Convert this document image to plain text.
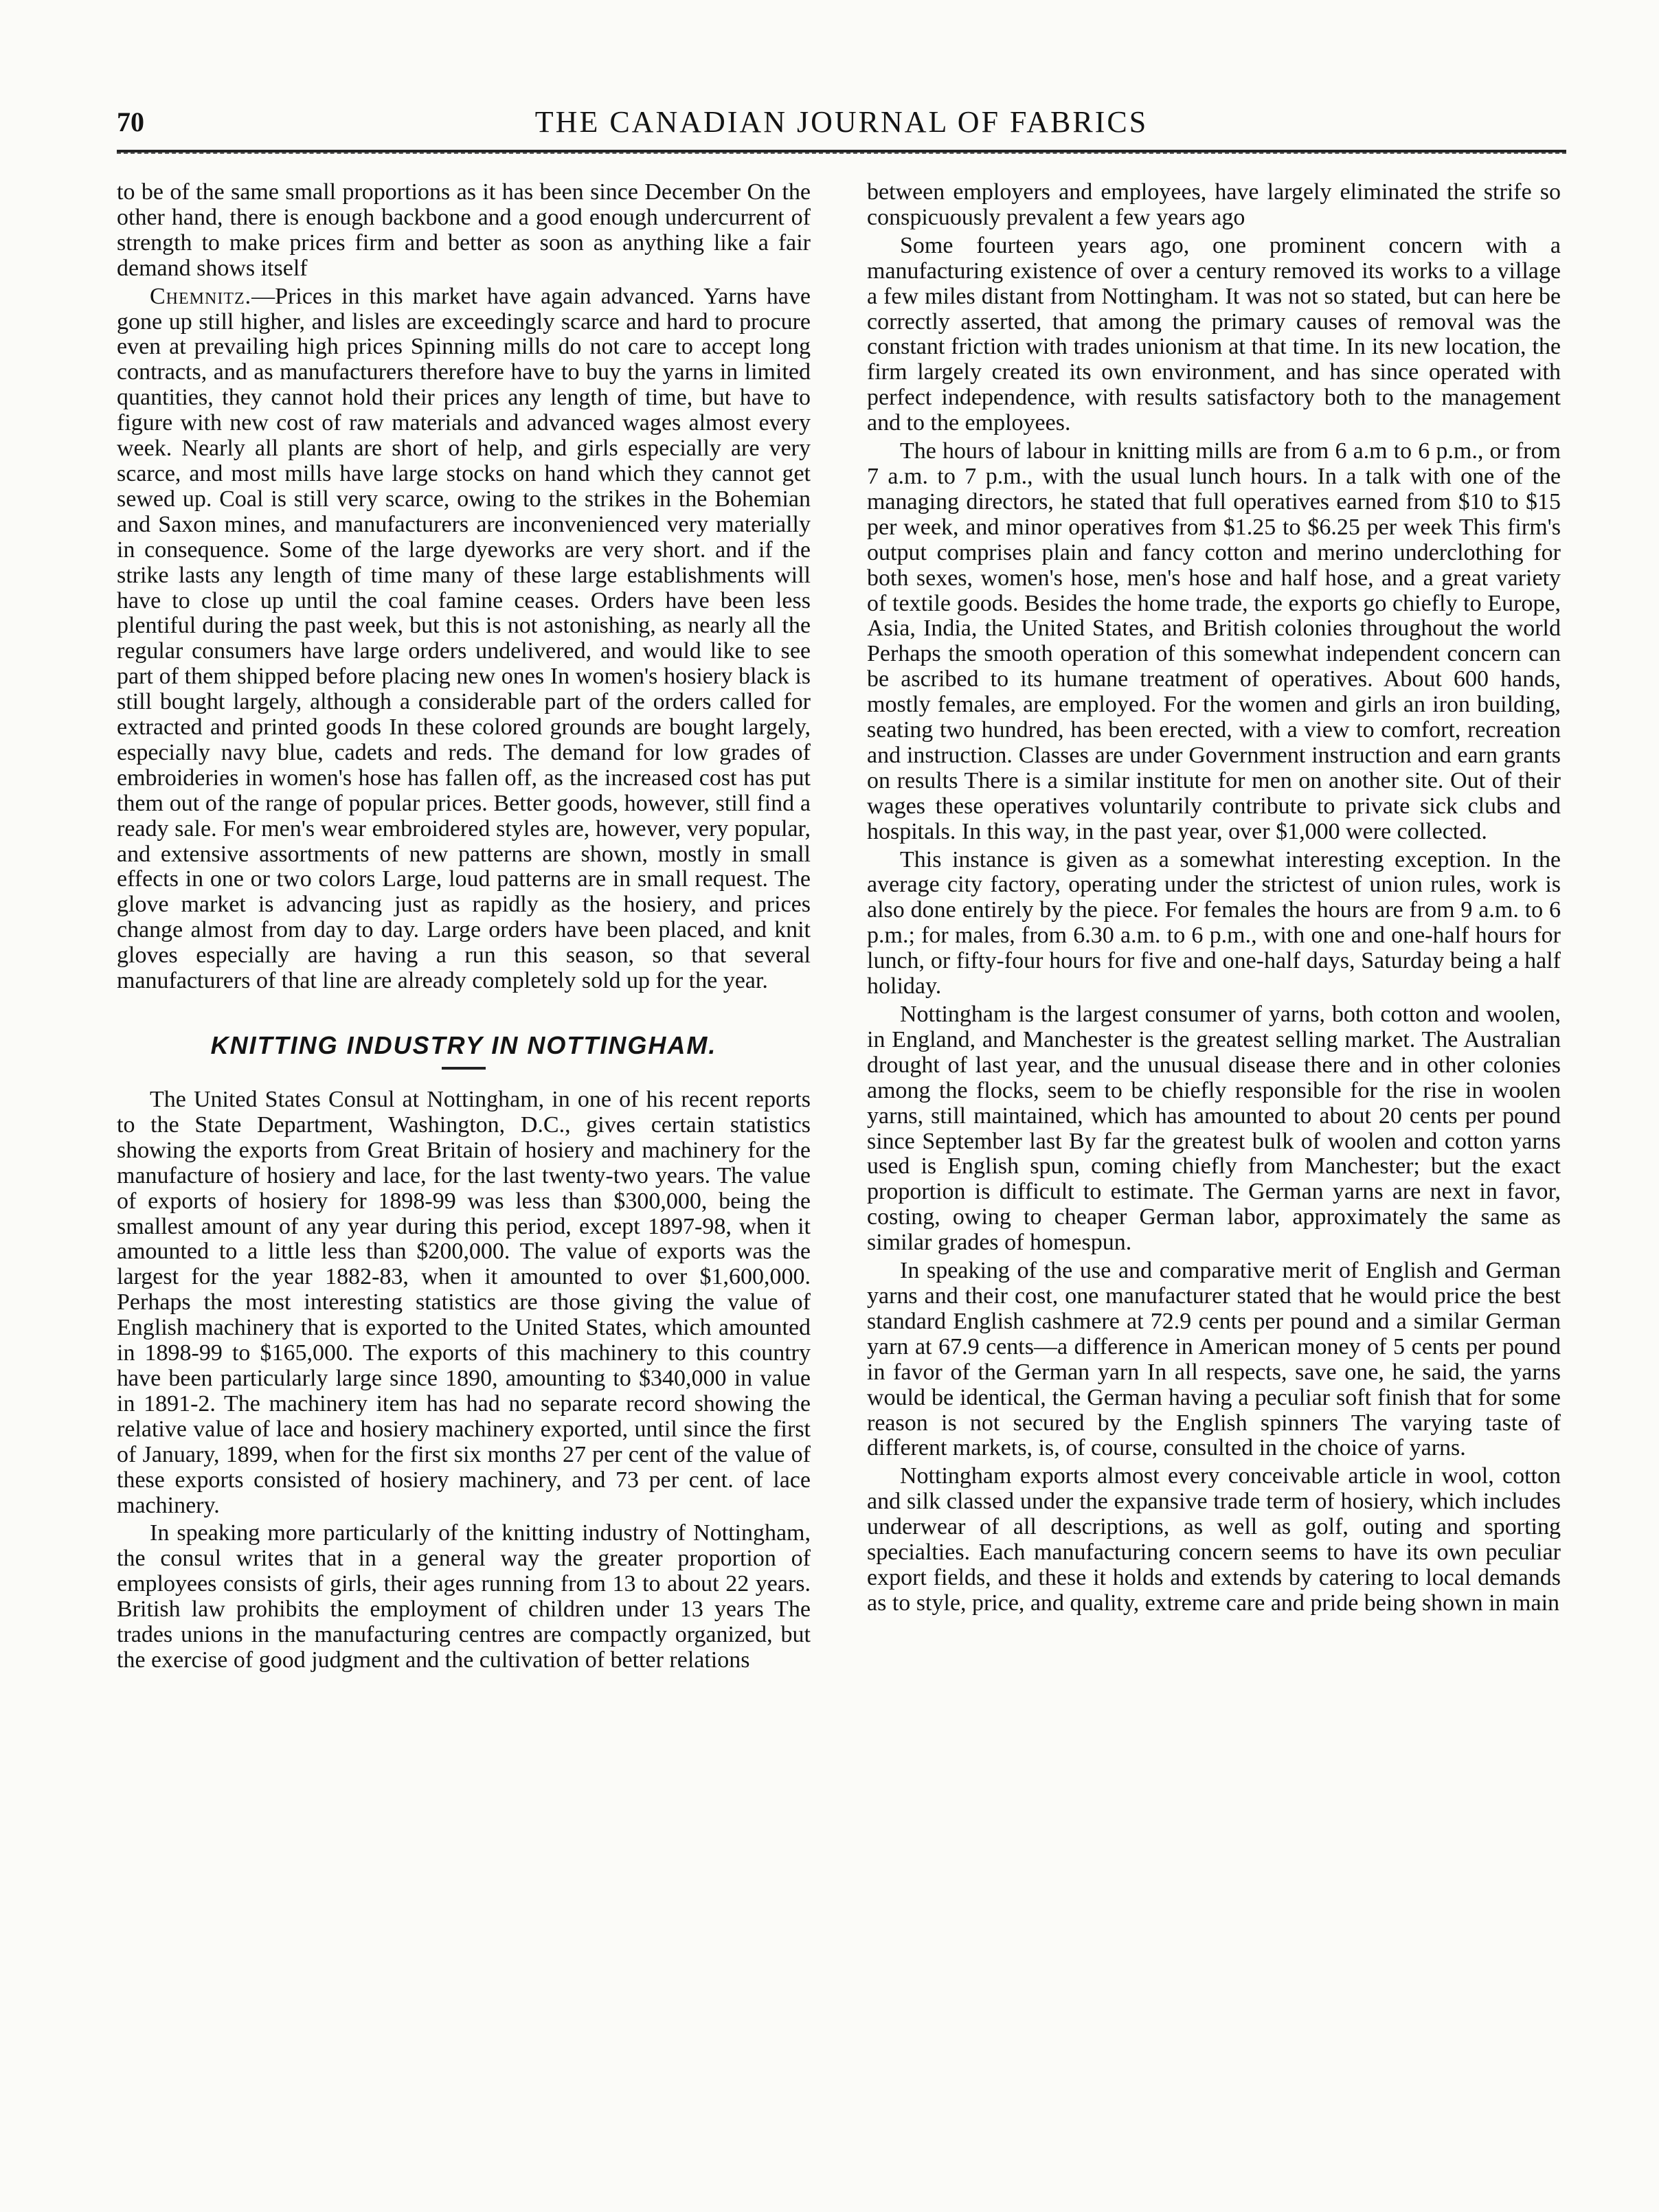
70	THE CANADIAN JOURNAL OF FABRICS

to be of the same small proportions as it has been since December On the other hand, there is enough backbone and a good enough undercurrent of strength to make prices firm and better as soon as anything like a fair demand shows itself

Chemnitz.—Prices in this market have again advanced. Yarns have gone up still higher, and lisles are exceedingly scarce and hard to procure even at prevailing high prices Spinning mills do not care to accept long contracts, and as manufacturers therefore have to buy the yarns in limited quantities, they cannot hold their prices any length of time, but have to figure with new cost of raw materials and advanced wages almost every week. Nearly all plants are short of help, and girls especially are very scarce, and most mills have large stocks on hand which they cannot get sewed up. Coal is still very scarce, owing to the strikes in the Bohemian and Saxon mines, and manufacturers are inconvenienced very materially in consequence. Some of the large dyeworks are very short. and if the strike lasts any length of time many of these large establishments will have to close up until the coal famine ceases. Orders have been less plentiful during the past week, but this is not astonishing, as nearly all the regular consumers have large orders undelivered, and would like to see part of them shipped before placing new ones In women's hosiery black is still bought largely, although a considerable part of the orders called for extracted and printed goods In these colored grounds are bought largely, especially navy blue, cadets and reds. The demand for low grades of embroideries in women's hose has fallen off, as the increased cost has put them out of the range of popular prices. Better goods, however, still find a ready sale. For men's wear embroidered styles are, however, very popular, and extensive assortments of new patterns are shown, mostly in small effects in one or two colors Large, loud patterns are in small request. The glove market is advancing just as rapidly as the hosiery, and prices change almost from day to day. Large orders have been placed, and knit gloves especially are having a run this season, so that several manufacturers of that line are already completely sold up for the year.

KNITTING INDUSTRY IN NOTTINGHAM.

The United States Consul at Nottingham, in one of his recent reports to the State Department, Washington, D.C., gives certain statistics showing the exports from Great Britain of hosiery and machinery for the manufacture of hosiery and lace, for the last twenty-two years. The value of exports of hosiery for 1898-99 was less than $300,000, being the smallest amount of any year during this period, except 1897-98, when it amounted to a little less than $200,000. The value of exports was the largest for the year 1882-83, when it amounted to over $1,600,000. Perhaps the most interesting statistics are those giving the value of English machinery that is exported to the United States, which amounted in 1898-99 to $165,000. The exports of this machinery to this country have been particularly large since 1890, amounting to $340,000 in value in 1891-2. The machinery item has had no separate record showing the relative value of lace and hosiery machinery exported, until since the first of January, 1899, when for the first six months 27 per cent of the value of these exports consisted of hosiery machinery, and 73 per cent. of lace machinery.

In speaking more particularly of the knitting industry of Nottingham, the consul writes that in a general way the greater proportion of employees consists of girls, their ages running from 13 to about 22 years. British law prohibits the employment of children under 13 years The trades unions in the manufacturing centres are compactly organized, but the exercise of good judgment and the cultivation of better relations

between employers and employees, have largely eliminated the strife so conspicuously prevalent a few years ago

Some fourteen years ago, one prominent concern with a manufacturing existence of over a century removed its works to a village a few miles distant from Nottingham. It was not so stated, but can here be correctly asserted, that among the primary causes of removal was the constant friction with trades unionism at that time. In its new location, the firm largely created its own environment, and has since operated with perfect independence, with results satisfactory both to the management and to the employees.

The hours of labour in knitting mills are from 6 a.m to 6 p.m., or from 7 a.m. to 7 p.m., with the usual lunch hours. In a talk with one of the managing directors, he stated that full operatives earned from $10 to $15 per week, and minor operatives from $1.25 to $6.25 per week This firm's output comprises plain and fancy cotton and merino underclothing for both sexes, women's hose, men's hose and half hose, and a great variety of textile goods. Besides the home trade, the exports go chiefly to Europe, Asia, India, the United States, and British colonies throughout the world Perhaps the smooth operation of this somewhat independent concern can be ascribed to its humane treatment of operatives. About 600 hands, mostly females, are employed. For the women and girls an iron building, seating two hundred, has been erected, with a view to comfort, recreation and instruction. Classes are under Government instruction and earn grants on results There is a similar institute for men on another site. Out of their wages these operatives voluntarily contribute to private sick clubs and hospitals. In this way, in the past year, over $1,000 were collected.

This instance is given as a somewhat interesting exception. In the average city factory, operating under the strictest of union rules, work is also done entirely by the piece. For females the hours are from 9 a.m. to 6 p.m.; for males, from 6.30 a.m. to 6 p.m., with one and one-half hours for lunch, or fifty-four hours for five and one-half days, Saturday being a half holiday.

Nottingham is the largest consumer of yarns, both cotton and woolen, in England, and Manchester is the greatest selling market. The Australian drought of last year, and the unusual disease there and in other colonies among the flocks, seem to be chiefly responsible for the rise in woolen yarns, still maintained, which has amounted to about 20 cents per pound since September last By far the greatest bulk of woolen and cotton yarns used is English spun, coming chiefly from Manchester; but the exact proportion is difficult to estimate. The German yarns are next in favor, costing, owing to cheaper German labor, approximately the same as similar grades of homespun.

In speaking of the use and comparative merit of English and German yarns and their cost, one manufacturer stated that he would price the best standard English cashmere at 72.9 cents per pound and a similar German yarn at 67.9 cents—a difference in American money of 5 cents per pound in favor of the German yarn In all respects, save one, he said, the yarns would be identical, the German having a peculiar soft finish that for some reason is not secured by the English spinners The varying taste of different markets, is, of course, consulted in the choice of yarns.

Nottingham exports almost every conceivable article in wool, cotton and silk classed under the expansive trade term of hosiery, which includes underwear of all descriptions, as well as golf, outing and sporting specialties. Each manufacturing concern seems to have its own peculiar export fields, and these it holds and extends by catering to local demands as to style, price, and quality, extreme care and pride being shown in main
